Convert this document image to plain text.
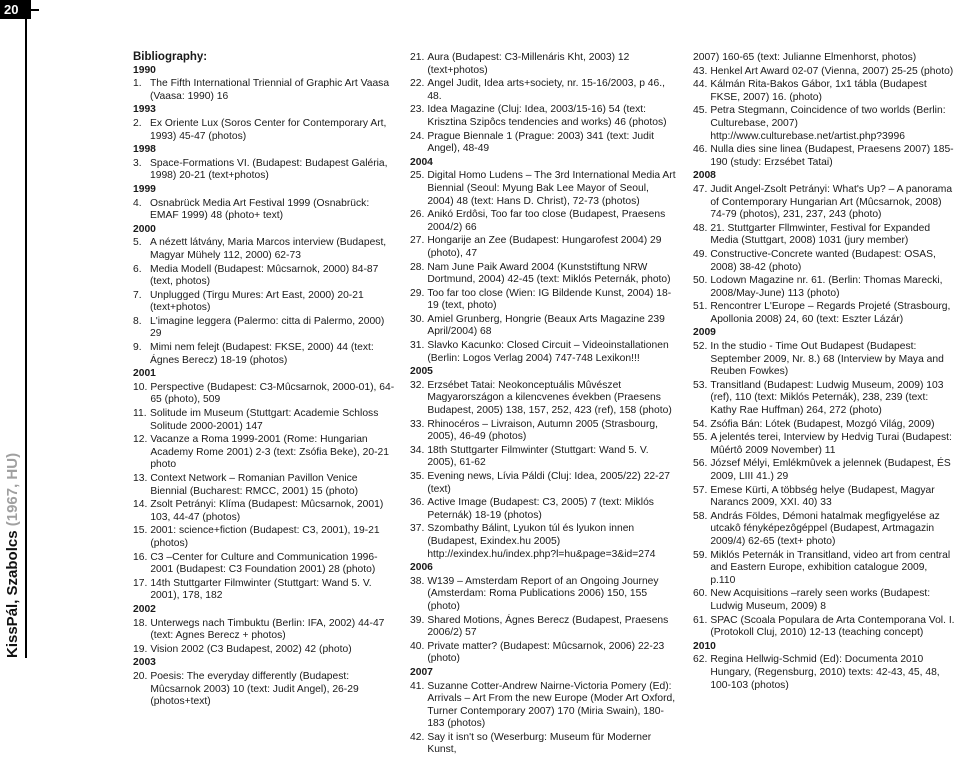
KissPál, Szabolcs (1967, HU)
20
Bibliography:
1990
1. The Fifth International Triennial of Graphic Art Vaasa (Vaasa: 1990) 16
1993
2. Ex Oriente Lux (Soros Center for Contemporary Art, 1993) 45-47 (photos)
1998
3. Space-Formations VI. (Budapest: Budapest Galéria, 1998) 20-21 (text+photos)
1999
4. Osnabrück Media Art Festival 1999 (Osnabrück: EMAF 1999) 48 (photo+ text)
2000
5. A nézett látvány, Maria Marcos interview (Budapest, Magyar Mühely 112, 2000) 62-73
6. Media Modell (Budapest: Mûcsarnok, 2000) 84-87 (text, photos)
7. Unplugged (Tirgu Mures: Art East, 2000) 20-21 (text+photos)
8. L'imagine leggera (Palermo: citta di Palermo, 2000) 29
9. Mimi nem felejt (Budapest: FKSE, 2000) 44 (text: Ágnes Berecz) 18-19 (photos)
2001
10. Perspective (Budapest: C3-Mûcsarnok, 2000-01), 64-65 (photo), 509
11. Solitude im Museum (Stuttgart: Academie Schloss Solitude 2000-2001) 147
12. Vacanze a Roma 1999-2001 (Rome: Hungarian Academy Rome 2001) 2-3 (text: Zsófia Beke), 20-21 photo
13. Context Network – Romanian Pavillon Venice Biennial (Bucharest: RMCC, 2001) 15 (photo)
14. Zsolt Petrányi: Klíma (Budapest: Mûcsarnok, 2001) 103, 44-47 (photos)
15. 2001: science+fiction (Budapest: C3, 2001), 19-21 (photos)
16. C3 –Center for Culture and Communication 1996-2001 (Budapest: C3 Foundation 2001) 28 (photo)
17. 14th Stuttgarter Filmwinter (Stuttgart: Wand 5. V. 2001), 178, 182
2002
18. Unterwegs nach Timbuktu (Berlin: IFA, 2002) 44-47 (text: Agnes Berecz + photos)
19. Vision 2002 (C3 Budapest, 2002) 42 (photo)
2003
20. Poesis: The everyday differently (Budapest: Mûcsarnok 2003) 10 (text: Judit Angel), 26-29 (photos+text)
21. Aura (Budapest: C3-Millenáris Kht, 2003) 12 (text+photos)
22. Angel Judit, Idea arts+society, nr. 15-16/2003, p 46., 48.
23. Idea Magazine (Cluj: Idea, 2003/15-16) 54 (text: Krisztina Szipôcs tendencies and works) 46 (photos)
24. Prague Biennale 1 (Prague: 2003) 341 (text: Judit Angel), 48-49
2004
25. Digital Homo Ludens – The 3rd International Media Art Biennial (Seoul: Myung Bak Lee Mayor of Seoul, 2004) 48 (text: Hans D. Christ), 72-73 (photos)
26. Anikó Erdôsi, Too far too close (Budapest, Praesens 2004/2) 66
27. Hongarije an Zee (Budapest: Hungarofest 2004) 29 (photo), 47
28. Nam June Paik Award 2004 (Kunststiftung NRW Dortmund, 2004) 42-45 (text: Miklós Peternák, photo)
29. Too far too close (Wien: IG Bildende Kunst, 2004) 18-19 (text, photo)
30. Amiel Grunberg, Hongrie (Beaux Arts Magazine 239 April/2004) 68
31. Slavko Kacunko: Closed Circuit – Videoinstallationen (Berlin: Logos Verlag 2004) 747-748 Lexikon!!!
2005
32. Erzsébet Tatai: Neokonceptuális Mûvészet Magyarországon a kilencvenes években (Praesens Budapest, 2005) 138, 157, 252, 423 (ref), 158 (photo)
33. Rhinocéros – Livraison, Autumn 2005 (Strasbourg, 2005), 46-49 (photos)
34. 18th Stuttgarter Filmwinter (Stuttgart: Wand 5. V. 2005), 61-62
35. Evening news, Lívia Páldi (Cluj: Idea, 2005/22) 22-27 (text)
36. Active Image (Budapest: C3, 2005) 7 (text: Miklós Peternák) 18-19 (photos)
37. Szombathy Bálint, Lyukon túl és lyukon innen (Budapest, Exindex.hu 2005) http://exindex.hu/index.php?l=hu&page=3&id=274
2006
38. W139 – Amsterdam Report of an Ongoing Journey (Amsterdam: Roma Publications 2006) 150, 155 (photo)
39. Shared Motions, Ágnes Berecz (Budapest, Praesens 2006/2) 57
40. Private matter? (Budapest: Mûcsarnok, 2006) 22-23 (photo)
2007
41. Suzanne Cotter-Andrew Nairne-Victoria Pomery (Ed): Arrivals – Art From the new Europe (Moder Art Oxford, Turner Contemporary 2007) 170 (Miria Swain), 180-183 (photos)
42. Say it isn't so (Weserburg: Museum für Moderner Kunst,
2007) 160-65 (text: Julianne Elmenhorst, photos)
43. Henkel Art Award 02-07 (Vienna, 2007) 25-25 (photo)
44. Kálmán Rita-Bakos Gábor, 1x1 tábla (Budapest FKSE, 2007) 16. (photo)
45. Petra Stegmann, Coincidence of two worlds (Berlin: Culturebase, 2007) http://www.culturebase.net/artist.php?3996
46. Nulla dies sine linea (Budapest, Praesens 2007) 185-190 (study: Erzsébet Tatai)
2008
47. Judit Angel-Zsolt Petrányi: What's Up? – A panorama of Contemporary Hungarian Art (Mûcsarnok, 2008) 74-79 (photos), 231, 237, 243 (photo)
48. 21. Stuttgarter Fllmwinter, Festival for Expanded Media (Stuttgart, 2008) 1031 (jury member)
49. Constructive-Concrete wanted (Budapest: OSAS, 2008) 38-42 (photo)
50. Lodown Magazine nr. 61. (Berlin: Thomas Marecki, 2008/May-June) 113 (photo)
51. Rencontrer L'Europe – Regards Projeté (Strasbourg, Apollonia 2008) 24, 60 (text: Eszter Lázár)
2009
52. In the studio - Time Out Budapest (Budapest: September 2009, Nr. 8.) 68 (Interview by Maya and Reuben Fowkes)
53. Transitland (Budapest: Ludwig Museum, 2009) 103 (ref), 110 (text: Miklós Peternák), 238, 239 (text: Kathy Rae Huffman) 264, 272 (photo)
54. Zsófia Bán: Lótek (Budapest, Mozgó Világ, 2009)
55. A jelentés terei, Interview by Hedvig Turai (Budapest: Mûértô 2009 November) 11
56. József Mélyi, Emlékmûvek a jelennek (Budapest, ÉS 2009, LIII 41.) 29
57. Emese Kürti, A többség helye (Budapest, Magyar Narancs 2009, XXI. 40) 33
58. András Földes, Démoni hatalmak megfigyelése az utcakô fényképezôgéppel (Budapest, Artmagazin 2009/4) 62-65 (text+ photo)
59. Miklós Peternák in Transitland, video art from central and Eastern Europe, exhibition catalogue 2009, p.110
60. New Acquisitions –rarely seen works (Budapest: Ludwig Museum, 2009) 8
61. SPAC (Scoala Populara de Arta Contemporana Vol. I. (Protokoll Cluj, 2010) 12-13 (teaching concept)
2010
62. Regina Hellwig-Schmid (Ed): Documenta 2010 Hungary, (Regensburg, 2010) texts: 42-43, 45, 48, 100-103 (photos)
